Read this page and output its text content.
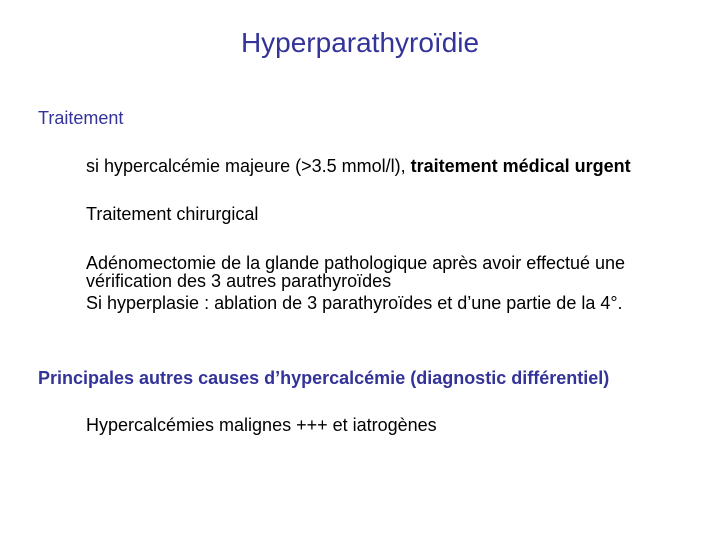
Hyperparathyroïdie
Traitement
si hypercalcémie majeure (>3.5 mmol/l), traitement médical urgent
Traitement chirurgical
Adénomectomie de la glande pathologique après avoir effectué une
vérification des 3 autres parathyroïdes
Si hyperplasie : ablation de 3 parathyroïdes et d’une partie de la 4°.
Principales autres causes d’hypercalcémie (diagnostic différentiel)
Hypercalcémies malignes +++ et iatrogènes
